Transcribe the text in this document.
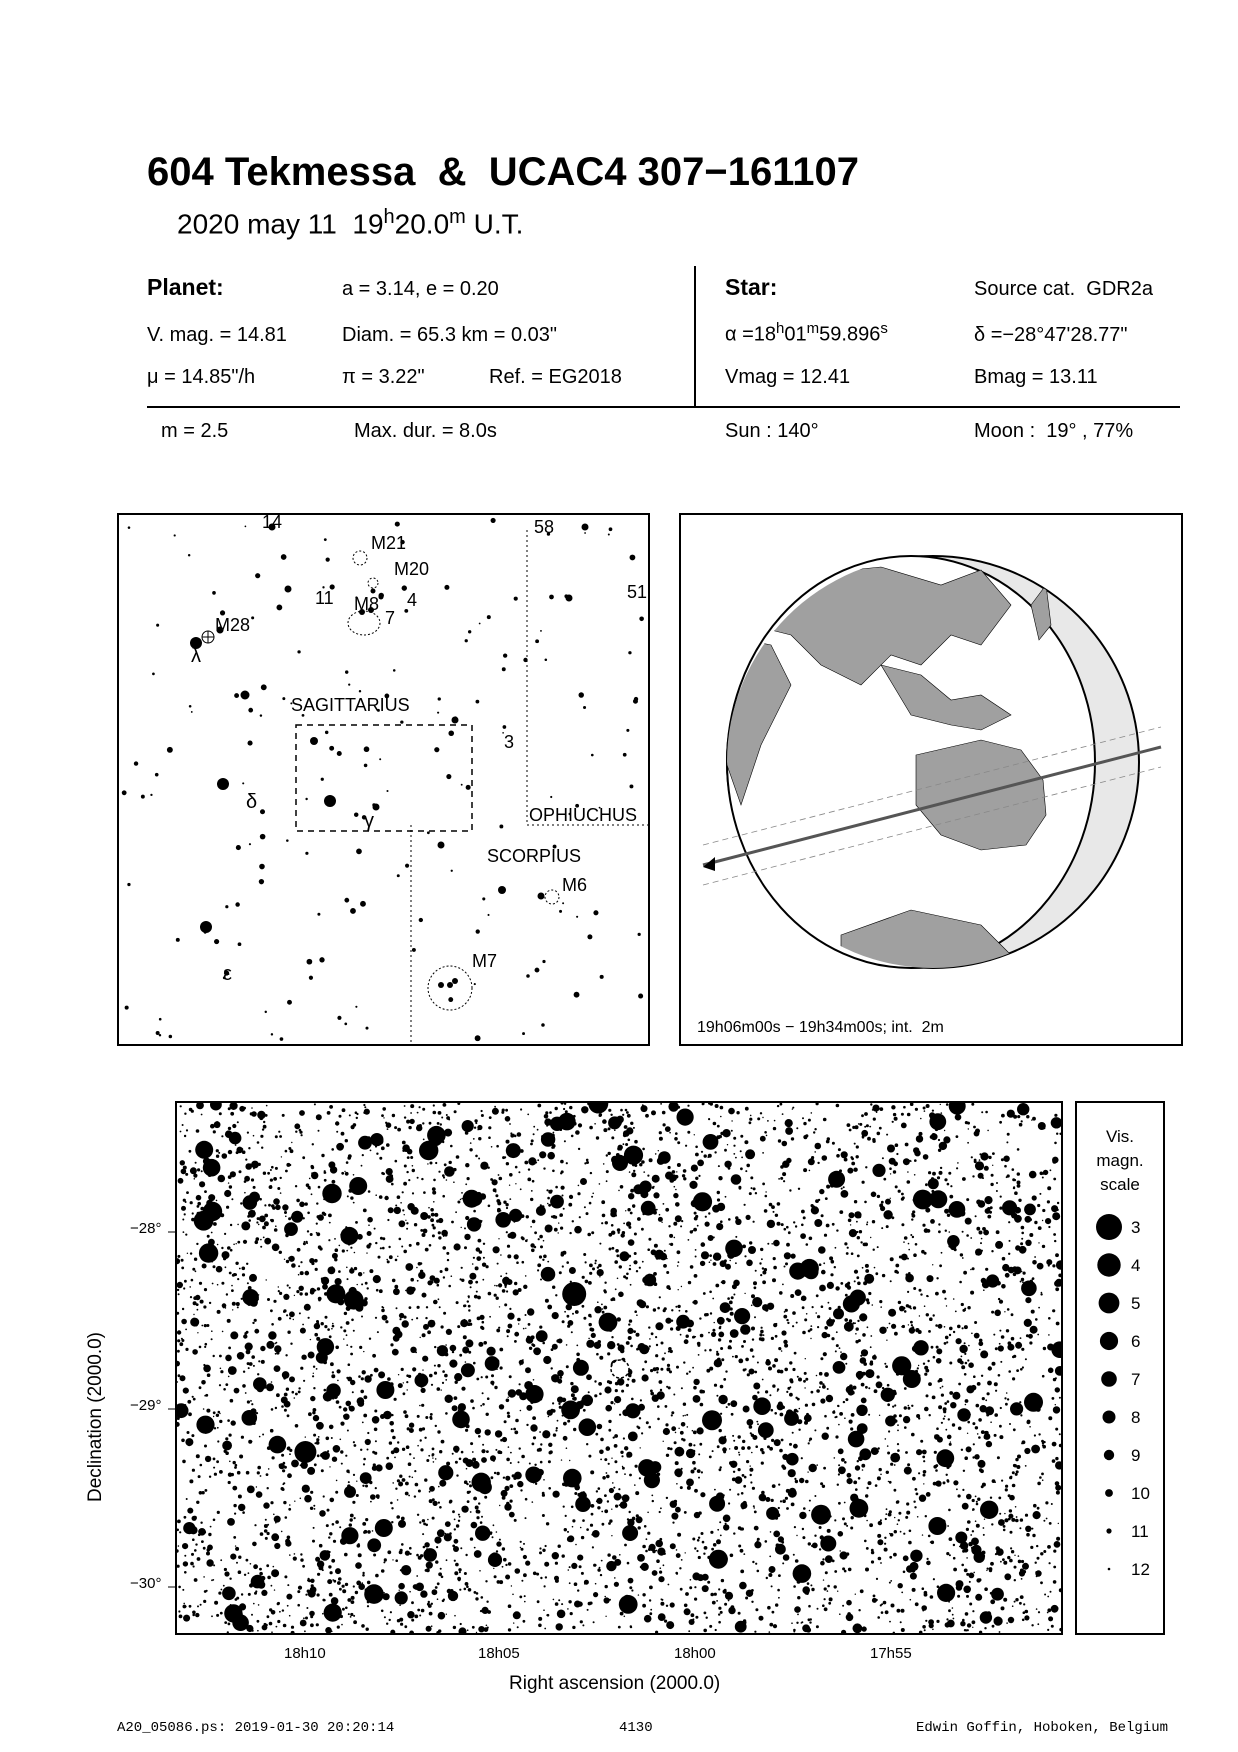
604 Tekmessa  &  UCAC4 307−161107
2020 may 11  19$^h$20.0$^m$ U.T.
Planet:	a = 3.14, e = 0.20
V. mag. = 14.81	Diam. = 65.3 km = 0.03"
μ = 14.85"/h	π = 3.22"	Ref. = EG2018
Star:	Source cat.  GDR2a
$\alpha =18^h01^m59.896^s$	δ =−28°47'28.77"
Vmag = 12.41	Bmag = 13.11
m = 2.5	Max. dur. = 8.0s	Sun : 140°	Moon :  19° , 77%
14	58
M21
M20
51
11 M8
7
4
M28
λ
SAGITTARIUS
3
δ
γ	OPHIUCHUS
SCORPIUS
M6
M7
ε
19h06m00s − 19h34m00s; int.  2m
−28°
−29°
−30°
18h10	18h05	18h00	17h55
Right ascension (2000.0)
Declination (2000.0)
Vis.
magn.
scale
3
4
5
6
7
8
9
10
11
12
A20_05086.ps: 2019-01-30 20:20:14	4130	Edwin Goffin, Hoboken, Belgium
